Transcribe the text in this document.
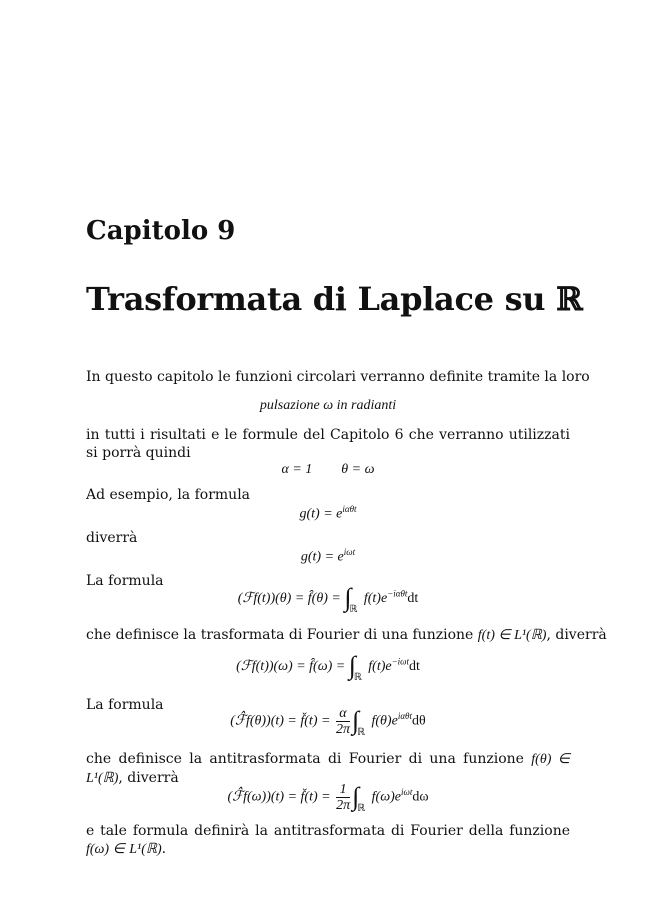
Capitolo 9
Trasformata di Laplace su ℝ
In questo capitolo le funzioni circolari verranno definite tramite la loro
pulsazione ω in radianti
in tutti i risultati e le formule del Capitolo 6 che verranno utilizzati si porrà quindi
α = 1 θ = ω
Ad esempio, la formula
$g(t) = e^{i\alpha\theta t}$
diverrà
$g(t) = e^{i\omega t}$
La formula
(ℱf(t))(θ) = f̂(θ) = $\int_ℝ$ $f(t)e^{-i\alpha\theta t}dt$
che definisce la trasformata di Fourier di una funzione f(t) ∈ L¹(ℝ), diverrà
(ℱf(t))(ω) = f̂(ω) = $\int_ℝ$ $f(t)e^{-i\omega t}dt$
La formula
(ℱ̂f(θ))(t) = f̌(t) = $\frac{\alpha}{2\pi} \int_ℝ$ $f(\theta)e^{i\alpha\theta t}d\theta$
che definisce la antitrasformata di Fourier di una funzione f(θ) ∈ L¹(ℝ), diverrà
(ℱ̂f(ω))(t) = f̌(t) = $\frac{1}{2\pi} \int_ℝ$ $f(\omega)e^{i\omega t}d\omega$
e tale formula definirà la antitrasformata di Fourier della funzione f(ω) ∈ L¹(ℝ).
